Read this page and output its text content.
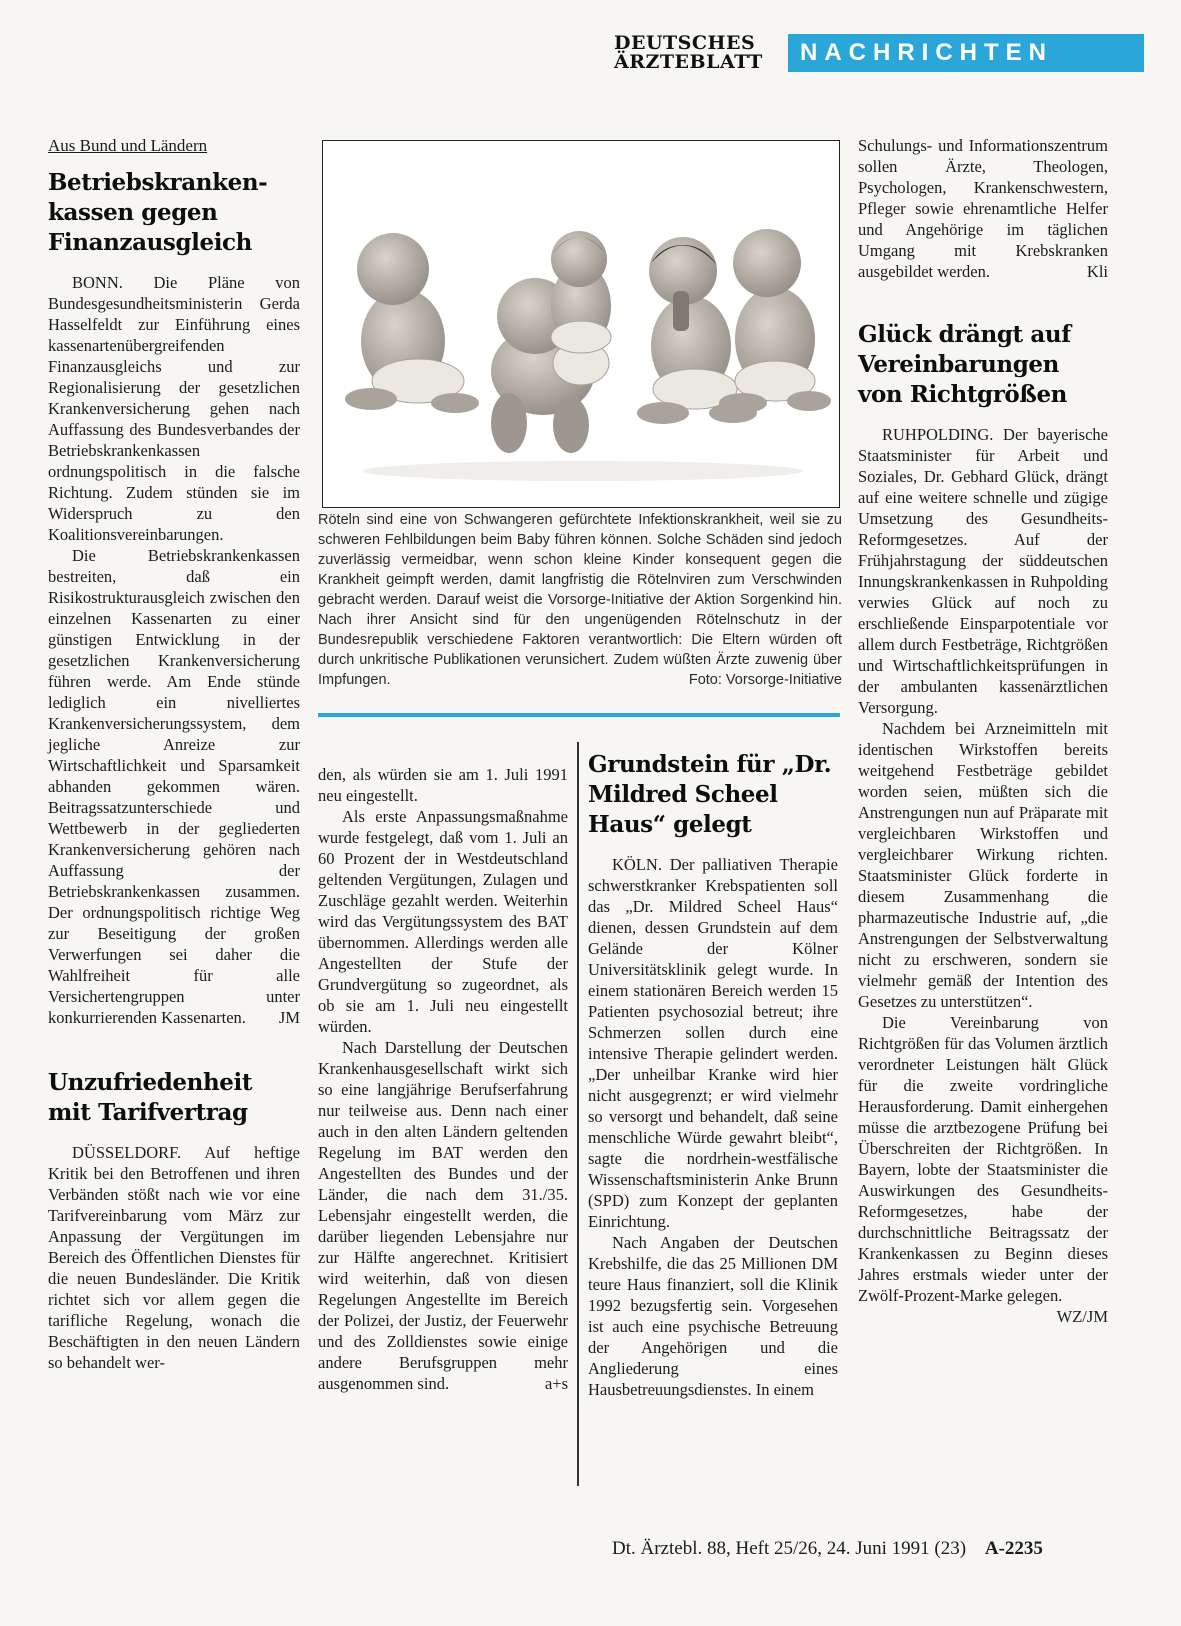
DEUTSCHES
ÄRZTEBLATT	NACHRICHTEN
Aus Bund und Ländern
Betriebskranken- kassen gegen Finanzausgleich

BONN. Die Pläne von Bundesgesundheitsministerin Gerda Hasselfeldt zur Einführung eines kassenartenübergreifenden Finanzausgleichs und zur Regionalisierung der gesetzlichen Krankenversicherung gehen nach Auffassung des Bundesverbandes der Betriebskrankenkassen ordnungspolitisch in die falsche Richtung. Zudem stünden sie im Widerspruch zu den Koalitionsvereinbarungen.

Die Betriebskrankenkassen bestreiten, daß ein Risikostrukturausgleich zwischen den einzelnen Kassenarten zu einer günstigen Entwicklung in der gesetzlichen Krankenversicherung führen werde. Am Ende stünde lediglich ein nivelliertes Krankenversicherungssystem, dem jegliche Anreize zur Wirtschaftlichkeit und Sparsamkeit abhanden gekommen wären. Beitragssatzunterschiede und Wettbewerb in der gegliederten Krankenversicherung gehören nach Auffassung der Betriebskrankenkassen zusammen. Der ordnungspolitisch richtige Weg zur Beseitigung der großen Verwerfungen sei daher die Wahlfreiheit für alle Versichertengruppen unter konkurrierenden Kassenarten.	JM

Unzufriedenheit mit Tarifvertrag

DÜSSELDORF. Auf heftige Kritik bei den Betroffenen und ihren Verbänden stößt nach wie vor eine Tarifvereinbarung vom März zur Anpassung der Vergütungen im Bereich des Öffentlichen Dienstes für die neuen Bundesländer. Die Kritik richtet sich vor allem gegen die tarifliche Regelung, wonach die Beschäftigten in den neuen Ländern so behandelt wer-

Röteln sind eine von Schwangeren gefürchtete Infektionskrankheit, weil sie zu schweren Fehlbildungen beim Baby führen können. Solche Schäden sind jedoch zuverlässig vermeidbar, wenn schon kleine Kinder konsequent gegen die Krankheit geimpft werden, damit langfristig die Rötelnviren zum Verschwinden gebracht werden. Darauf weist die Vorsorge-Initiative der Aktion Sorgenkind hin. Nach ihrer Ansicht sind für den ungenügenden Rötelnschutz in der Bundesrepublik verschiedene Faktoren verantwortlich: Die Eltern würden oft durch unkritische Publikationen verunsichert. Zudem wüßten Ärzte zuwenig über Impfungen.	Foto: Vorsorge-Initiative

den, als würden sie am 1. Juli 1991 neu eingestellt.

Als erste Anpassungsmaßnahme wurde festgelegt, daß vom 1. Juli an 60 Prozent der in Westdeutschland geltenden Vergütungen, Zulagen und Zuschläge gezahlt werden. Weiterhin wird das Vergütungssystem des BAT übernommen. Allerdings werden alle Angestellten der Stufe der Grundvergütung so zugeordnet, als ob sie am 1. Juli neu eingestellt würden.

Nach Darstellung der Deutschen Krankenhausgesellschaft wirkt sich so eine langjährige Berufserfahrung nur teilweise aus. Denn nach einer auch in den alten Ländern geltenden Regelung im BAT werden den Angestellten des Bundes und der Länder, die nach dem 31./35. Lebensjahr eingestellt werden, die darüber liegenden Lebensjahre nur zur Hälfte angerechnet. Kritisiert wird weiterhin, daß von diesen Regelungen Angestellte im Bereich der Polizei, der Justiz, der Feuerwehr und des Zolldienstes sowie einige andere Berufsgruppen mehr ausgenommen sind.	a+s

Grundstein für „Dr. Mildred Scheel Haus“ gelegt

KÖLN. Der palliativen Therapie schwerstkranker Krebspatienten soll das „Dr. Mildred Scheel Haus“ dienen, dessen Grundstein auf dem Gelände der Kölner Universitätsklinik gelegt wurde. In einem stationären Bereich werden 15 Patienten psychosozial betreut; ihre Schmerzen sollen durch eine intensive Therapie gelindert werden. „Der unheilbar Kranke wird hier nicht ausgegrenzt; er wird vielmehr so versorgt und behandelt, daß seine menschliche Würde gewahrt bleibt“, sagte die nordrhein-westfälische Wissenschaftsministerin Anke Brunn (SPD) zum Konzept der geplanten Einrichtung.

Nach Angaben der Deutschen Krebshilfe, die das 25 Millionen DM teure Haus finanziert, soll die Klinik 1992 bezugsfertig sein. Vorgesehen ist auch eine psychische Betreuung der Angehörigen und die Angliederung eines Hausbetreuungsdienstes. In einem

Schulungs- und Informationszentrum sollen Ärzte, Theologen, Psychologen, Krankenschwestern, Pfleger sowie ehrenamtliche Helfer und Angehörige im täglichen Umgang mit Krebskranken ausgebildet werden.	Kli

Glück drängt auf Vereinbarungen von Richtgrößen

RUHPOLDING. Der bayerische Staatsminister für Arbeit und Soziales, Dr. Gebhard Glück, drängt auf eine weitere schnelle und zügige Umsetzung des Gesundheits-Reformgesetzes. Auf der Frühjahrstagung der süddeutschen Innungskrankenkassen in Ruhpolding verwies Glück auf noch zu erschließende Einsparpotentiale vor allem durch Festbeträge, Richtgrößen und Wirtschaftlichkeitsprüfungen in der ambulanten kassenärztlichen Versorgung.

Nachdem bei Arzneimitteln mit identischen Wirkstoffen bereits weitgehend Festbeträge gebildet worden seien, müßten sich die Anstrengungen nun auf Präparate mit vergleichbaren Wirkstoffen und vergleichbarer Wirkung richten. Staatsminister Glück forderte in diesem Zusammenhang die pharmazeutische Industrie auf, „die Anstrengungen der Selbstverwaltung nicht zu erschweren, sondern sie vielmehr gemäß der Intention des Gesetzes zu unterstützen“.

Die Vereinbarung von Richtgrößen für das Volumen ärztlich verordneter Leistungen hält Glück für die zweite vordringliche Herausforderung. Damit einhergehen müsse die arztbezogene Prüfung bei Überschreiten der Richtgrößen. In Bayern, lobte der Staatsminister die Auswirkungen des Gesundheits-Reformgesetzes, habe der durchschnittliche Beitragssatz der Krankenkassen zu Beginn dieses Jahres erstmals wieder unter der Zwölf-Prozent-Marke gelegen.
WZ/JM

Dt. Ärztebl. 88, Heft 25/26, 24. Juni 1991 (23) A-2235
